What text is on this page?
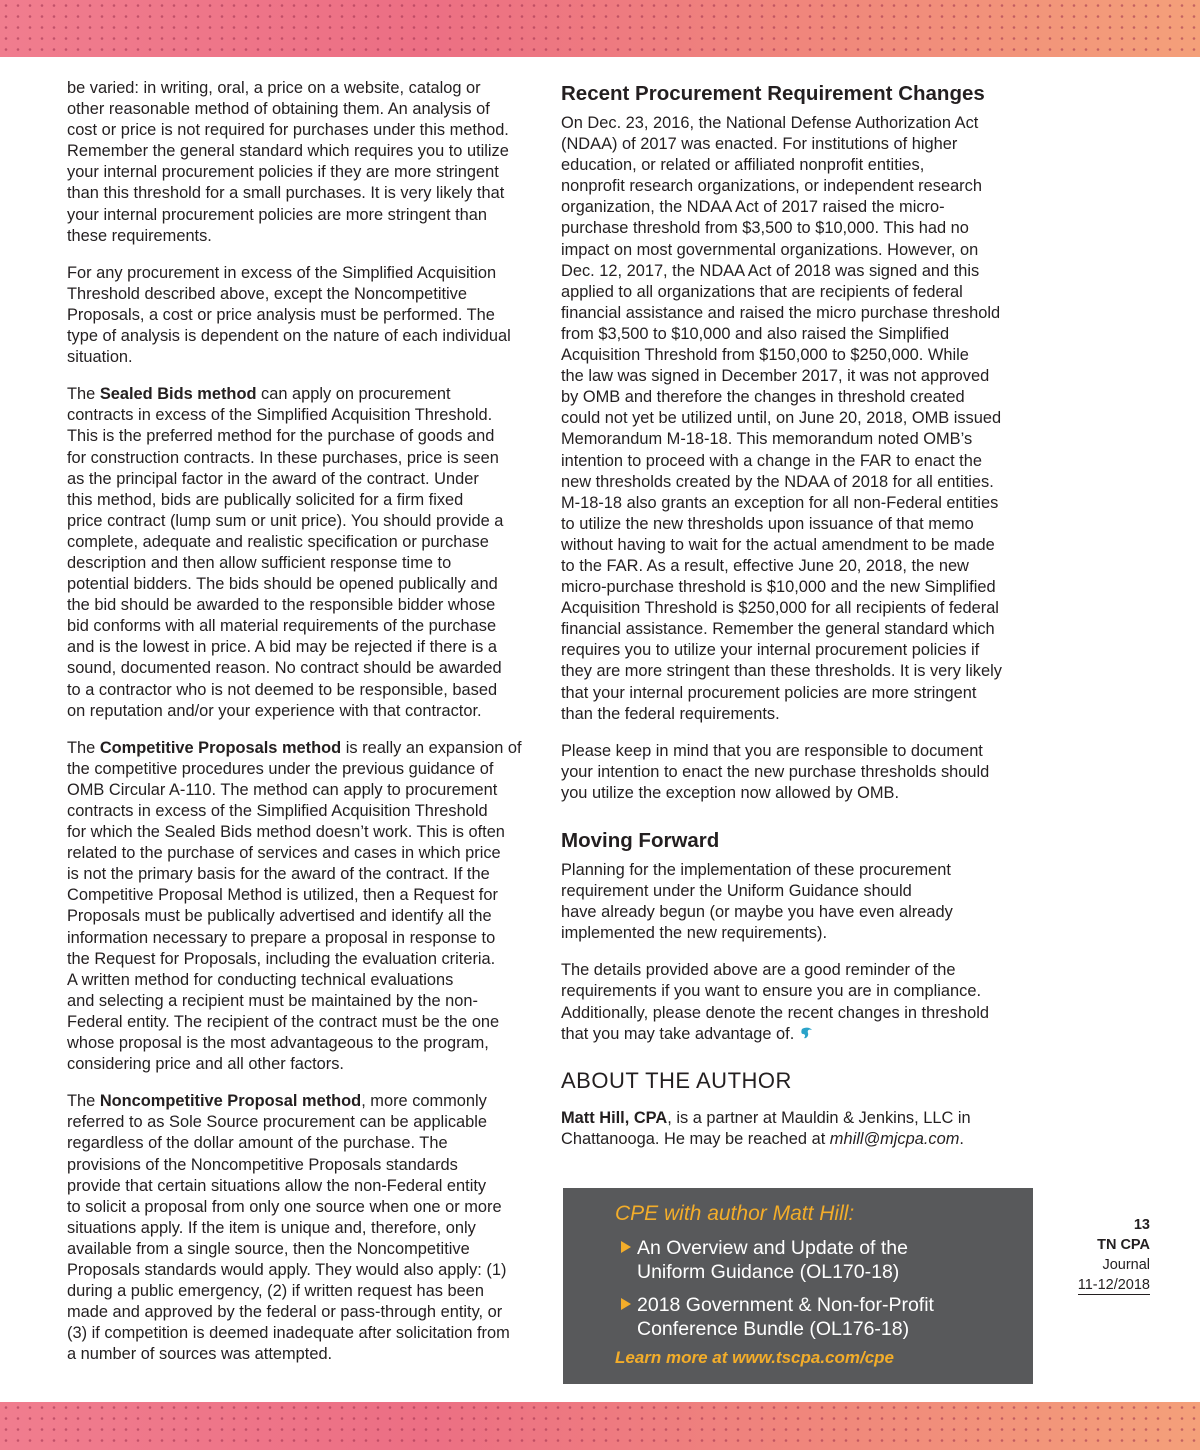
be varied: in writing, oral, a price on a website, catalog or
other reasonable method of obtaining them. An analysis of
cost or price is not required for purchases under this method.
Remember the general standard which requires you to utilize
your internal procurement policies if they are more stringent
than this threshold for a small purchases. It is very likely that
your internal procurement policies are more stringent than
these requirements.

For any procurement in excess of the Simplified Acquisition
Threshold described above, except the Noncompetitive
Proposals, a cost or price analysis must be performed. The
type of analysis is dependent on the nature of each individual
situation.

The Sealed Bids method can apply on procurement
contracts in excess of the Simplified Acquisition Threshold.
This is the preferred method for the purchase of goods and
for construction contracts. In these purchases, price is seen
as the principal factor in the award of the contract. Under
this method, bids are publically solicited for a firm fixed
price contract (lump sum or unit price). You should provide a
complete, adequate and realistic specification or purchase
description and then allow sufficient response time to
potential bidders. The bids should be opened publically and
the bid should be awarded to the responsible bidder whose
bid conforms with all material requirements of the purchase
and is the lowest in price. A bid may be rejected if there is a
sound, documented reason. No contract should be awarded
to a contractor who is not deemed to be responsible, based
on reputation and/or your experience with that contractor.

The Competitive Proposals method is really an expansion of
the competitive procedures under the previous guidance of
OMB Circular A-110. The method can apply to procurement
contracts in excess of the Simplified Acquisition Threshold
for which the Sealed Bids method doesn’t work. This is often
related to the purchase of services and cases in which price
is not the primary basis for the award of the contract. If the
Competitive Proposal Method is utilized, then a Request for
Proposals must be publically advertised and identify all the
information necessary to prepare a proposal in response to
the Request for Proposals, including the evaluation criteria.
A written method for conducting technical evaluations
and selecting a recipient must be maintained by the non-
Federal entity. The recipient of the contract must be the one
whose proposal is the most advantageous to the program,
considering price and all other factors.

The Noncompetitive Proposal method, more commonly
referred to as Sole Source procurement can be applicable
regardless of the dollar amount of the purchase. The
provisions of the Noncompetitive Proposals standards
provide that certain situations allow the non-Federal entity
to solicit a proposal from only one source when one or more
situations apply. If the item is unique and, therefore, only
available from a single source, then the Noncompetitive
Proposals standards would apply. They would also apply: (1)
during a public emergency, (2) if written request has been
made and approved by the federal or pass-through entity, or
(3) if competition is deemed inadequate after solicitation from
a number of sources was attempted.

Recent Procurement Requirement Changes

On Dec. 23, 2016, the National Defense Authorization Act
(NDAA) of 2017 was enacted. For institutions of higher
education, or related or affiliated nonprofit entities,
nonprofit research organizations, or independent research
organization, the NDAA Act of 2017 raised the micro-
purchase threshold from $3,500 to $10,000. This had no
impact on most governmental organizations. However, on
Dec. 12, 2017, the NDAA Act of 2018 was signed and this
applied to all organizations that are recipients of federal
financial assistance and raised the micro purchase threshold
from $3,500 to $10,000 and also raised the Simplified
Acquisition Threshold from $150,000 to $250,000. While
the law was signed in December 2017, it was not approved
by OMB and therefore the changes in threshold created
could not yet be utilized until, on June 20, 2018, OMB issued
Memorandum M-18-18. This memorandum noted OMB’s
intention to proceed with a change in the FAR to enact the
new thresholds created by the NDAA of 2018 for all entities.
M-18-18 also grants an exception for all non-Federal entities
to utilize the new thresholds upon issuance of that memo
without having to wait for the actual amendment to be made
to the FAR. As a result, effective June 20, 2018, the new
micro-purchase threshold is $10,000 and the new Simplified
Acquisition Threshold is $250,000 for all recipients of federal
financial assistance. Remember the general standard which
requires you to utilize your internal procurement policies if
they are more stringent than these thresholds. It is very likely
that your internal procurement policies are more stringent
than the federal requirements.

Please keep in mind that you are responsible to document
your intention to enact the new purchase thresholds should
you utilize the exception now allowed by OMB.

Moving Forward

Planning for the implementation of these procurement
requirement under the Uniform Guidance should
have already begun (or maybe you have even already
implemented the new requirements).

The details provided above are a good reminder of the
requirements if you want to ensure you are in compliance.
Additionally, please denote the recent changes in threshold
that you may take advantage of.

ABOUT THE AUTHOR

Matt Hill, CPA, is a partner at Mauldin & Jenkins, LLC in
Chattanooga. He may be reached at mhill@mjcpa.com.

CPE with author Matt Hill:
An Overview and Update of the
Uniform Guidance (OL170-18)
2018 Government & Non-for-Profit
Conference Bundle (OL176-18)
Learn more at www.tscpa.com/cpe
13
TN CPA
Journal
11-12/2018
